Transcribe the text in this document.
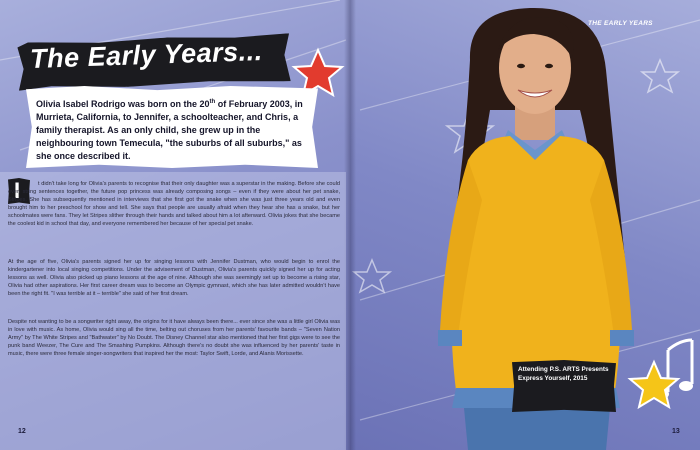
The Early Years...
Olivia Isabel Rodrigo was born on the 20th of February 2003, in Murrieta, California, to Jennifer, a schoolteacher, and Chris, a family therapist. As an only child, she grew up in the neighbouring town Temecula, "the suburbs of all suburbs," as she once described it.
I	t didn't take long for Olivia's parents to recognise that their only daughter was a superstar in the making. Before she could even string sentences together, the future pop princess was already composing songs – even if they were about her pet snake, Stripes. She has subsequently mentioned in interviews that she first got the snake when she was just three years old and even brought him to her preschool for show and tell. She says that people are usually afraid when they hear she has a snake, but her schoolmates were fans. They let Stripes slither through their hands and talked about him a lot afterward. Olivia jokes that she became the coolest kid in school that day, and everyone remembered her because of her special pet snake.
At the age of five, Olivia's parents signed her up for singing lessons with Jennifer Dustman, who would begin to enrol the kindergartener into local singing competitions. Under the advisement of Dustman, Olivia's parents quickly signed her up for acting lessons as well. Olivia also picked up piano lessons at the age of nine. Although she was seemingly set up to become a rising star, Olivia had other aspirations. Her first career dream was to become an Olympic gymnast, which she has later admitted wouldn't have been the right fit. "I was terrible at it – terrible" she said of her first dream.
Despite not wanting to be a songwriter right away, the origins for it have always been there... ever since she was a little girl Olivia was in love with music. As home, Olivia would sing all the time, belting out choruses from her parents' favourite bands – "Seven Nation Army" by The White Stripes and "Bathwater" by No Doubt. The Disney Channel star also mentioned that her first gigs were to see the punk band Weezer, The Cure and The Smashing Pumpkins. Although there's no doubt she was influenced by her parents' taste in music, there were three female singer-songwriters that inspired her the most: Taylor Swift, Lorde, and Alanis Morissette.
12
THE EARLY YEARS
Attending P.S. ARTS Presents Express Yourself, 2015
13
